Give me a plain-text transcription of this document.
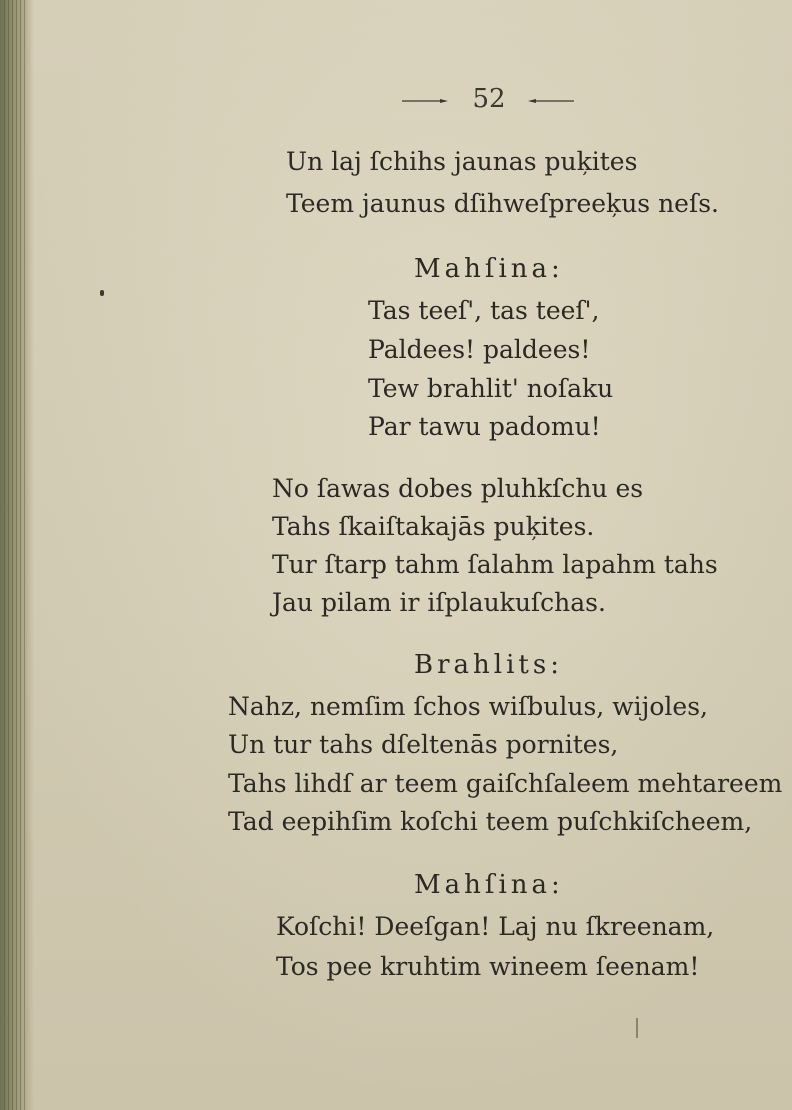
52
Un laj ſchihs jaunas puķites
Teem jaunus dſihweſpreeķus neſs.
Mahſina:
Tas teeſ', tas teeſ',
Paldees! paldees!
Tew brahlit' noſaku
Par tawu padomu!
No ſawas dobes pluhkſchu es
Tahs ſkaiſtakajās puķites.
Tur ſtarp tahm ſalahm lapahm tahs
Jau pilam ir iſplaukuſchas.
Brahlits:
Nahz, nemſim ſchos wiſbulus, wijoles,
Un tur tahs dſeltenās pornites,
Tahs lihdſ ar teem gaiſchſaleem mehtareem
Tad eepihſim koſchi teem puſchkiſcheem,
Mahſina:
Koſchi! Deeſgan! Laj nu ſkreenam,
Tos pee kruhtim wineem ſeenam!
